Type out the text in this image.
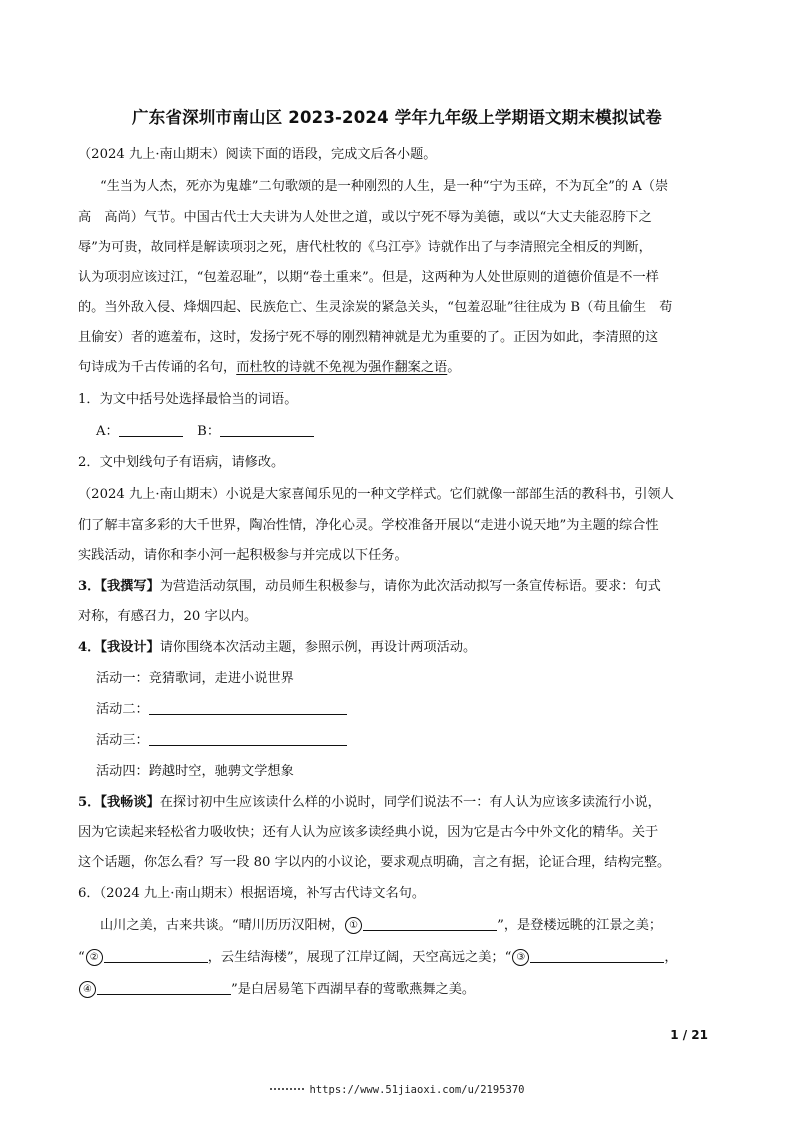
广东省深圳市南山区 2023-2024 学年九年级上学期语文期末模拟试卷
（2024 九上·南山期末）阅读下面的语段，完成文后各小题。
“生当为人杰，死亦为鬼雄”二句歌颂的是一种刚烈的人生，是一种“宁为玉碎，不为瓦全”的 A（崇
高　高尚）气节。中国古代士大夫讲为人处世之道，或以宁死不辱为美德，或以“大丈夫能忍胯下之
辱”为可贵，故同样是解读项羽之死，唐代杜牧的《乌江亭》诗就作出了与李清照完全相反的判断，
认为项羽应该过江，“包羞忍耻”，以期“卷土重来”。但是，这两种为人处世原则的道德价值是不一样
的。当外敌入侵、烽烟四起、民族危亡、生灵涂炭的紧急关头，“包羞忍耻”往往成为 B（苟且偷生　苟
且偷安）者的遮羞布，这时，发扬宁死不辱的刚烈精神就是尤为重要的了。正因为如此，李清照的这
句诗成为千古传诵的名句，而杜牧的诗就不免视为强作翻案之语。
1．为文中括号处选择最恰当的词语。
A：	B：
2．文中划线句子有语病，请修改。
（2024 九上·南山期末）小说是大家喜闻乐见的一种文学样式。它们就像一部部生活的教科书，引领人
们了解丰富多彩的大千世界，陶冶性情，净化心灵。学校准备开展以“走进小说天地”为主题的综合性
实践活动，请你和李小河一起积极参与并完成以下任务。
3．【我撰写】为营造活动氛围，动员师生积极参与，请你为此次活动拟写一条宣传标语。要求：句式
对称，有感召力，20 字以内。
4．【我设计】请你围绕本次活动主题，参照示例，再设计两项活动。
活动一：竞猜歌词，走进小说世界
活动二：
活动三：
活动四：跨越时空，驰骋文学想象
5．【我畅谈】在探讨初中生应该读什么样的小说时，同学们说法不一：有人认为应该多读流行小说，
因为它读起来轻松省力吸收快；还有人认为应该多读经典小说，因为它是古今中外文化的精华。关于
这个话题，你怎么看？写一段 80 字以内的小议论，要求观点明确，言之有据，论证合理，结构完整。
6．（2024 九上·南山期末）根据语境，补写古代诗文名句。
山川之美，古来共谈。“晴川历历汉阳树， ①	”，是登楼远眺的江景之美；
“ ②	，云生结海楼”，展现了江岸辽阔，天空高远之美；“ ③	，
④	”是白居易笔下西湖早春的莺歌燕舞之美。
1 / 21
https://www.51jiaoxi.com/u/2195370
